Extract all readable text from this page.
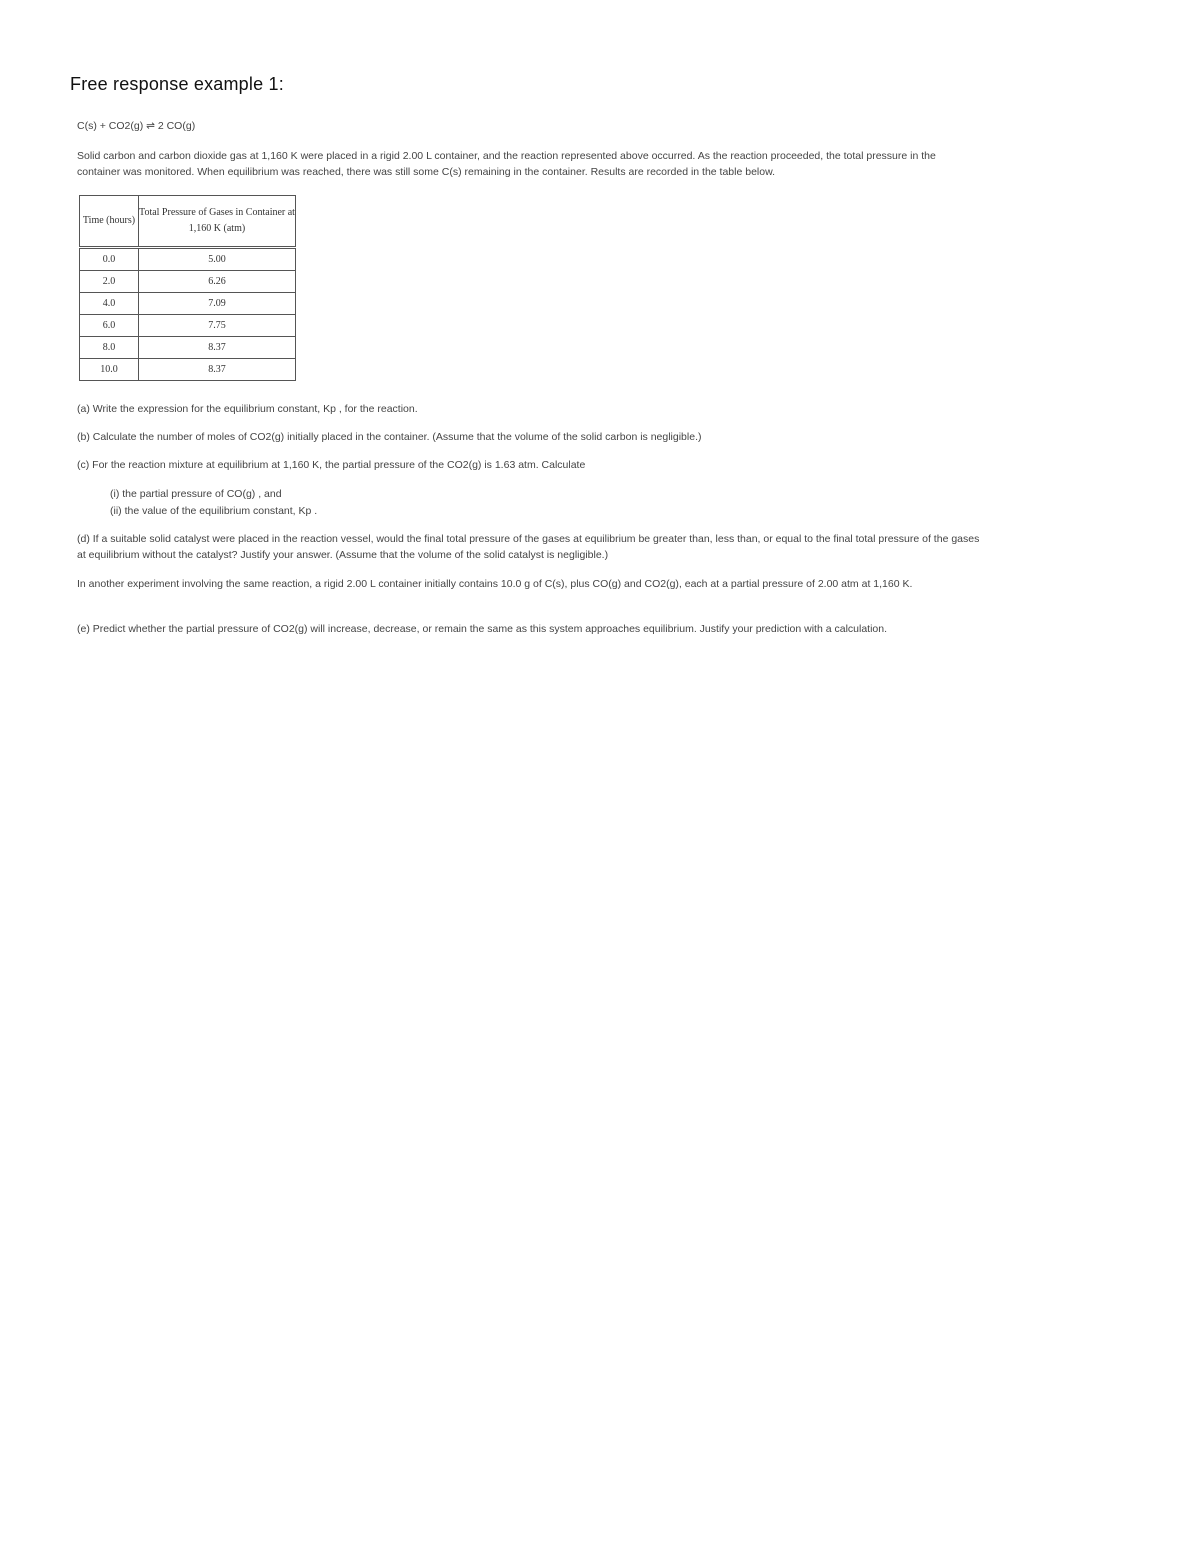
Free response example 1:
C(s) + CO2(g) ⇌ 2 CO(g)
Solid carbon and carbon dioxide gas at 1,160 K were placed in a rigid 2.00 L container, and the reaction represented above occurred. As the reaction proceeded, the total pressure in the container was monitored. When equilibrium was reached, there was still some C(s) remaining in the container. Results are recorded in the table below.
Time (hours)	Total Pressure of Gases in Container at 1,160 K (atm)
0.0	5.00
2.0	6.26
4.0	7.09
6.0	7.75
8.0	8.37
10.0	8.37
(a) Write the expression for the equilibrium constant, Kp , for the reaction.
(b) Calculate the number of moles of CO2(g) initially placed in the container. (Assume that the volume of the solid carbon is negligible.)
(c) For the reaction mixture at equilibrium at 1,160 K, the partial pressure of the CO2(g) is 1.63 atm. Calculate
(i) the partial pressure of CO(g) , and
(ii) the value of the equilibrium constant, Kp .
(d) If a suitable solid catalyst were placed in the reaction vessel, would the final total pressure of the gases at equilibrium be greater than, less than, or equal to the final total pressure of the gases at equilibrium without the catalyst? Justify your answer. (Assume that the volume of the solid catalyst is negligible.)
In another experiment involving the same reaction, a rigid 2.00 L container initially contains 10.0 g of C(s), plus CO(g) and CO2(g), each at a partial pressure of 2.00 atm at 1,160 K.
(e) Predict whether the partial pressure of CO2(g) will increase, decrease, or remain the same as this system approaches equilibrium. Justify your prediction with a calculation.
